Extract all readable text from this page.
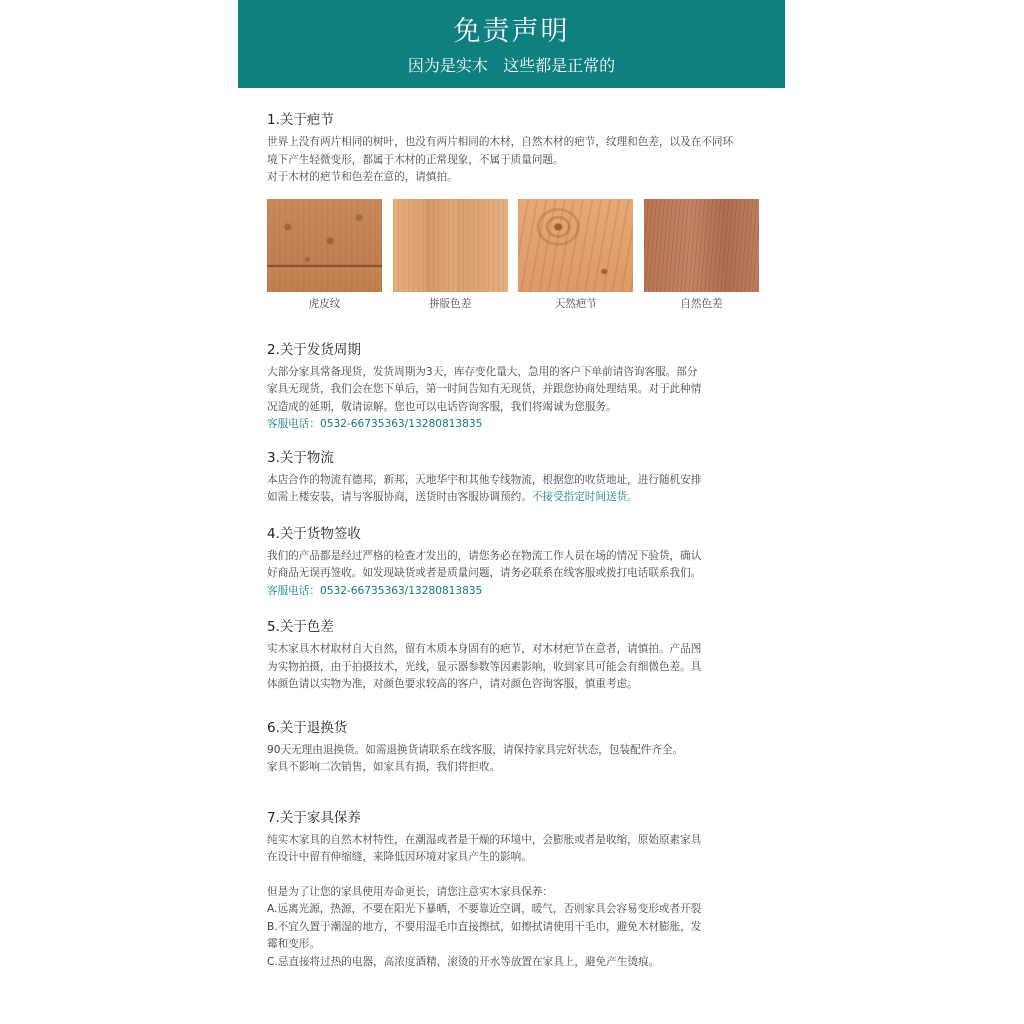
免责声明
因为是实木   这些都是正常的
1.关于疤节

世界上没有两片相同的树叶，也没有两片相同的木材，自然木材的疤节，纹理和色差，以及在不同环

境下产生轻微变形，都属于木材的正常现象，不属于质量问题。

对于木材的疤节和色差在意的，请慎拍。

虎皮纹	拼版色差	天然疤节	自然色差
2.关于发货周期

大部分家具常备现货，发货周期为3天，库存变化量大，急用的客户下单前请咨询客服。部分

家具无现货，我们会在您下单后，第一时间告知有无现货，并跟您协商处理结果。对于此种情

况造成的延期，敬请谅解。您也可以电话咨询客服，我们将竭诚为您服务。

客服电话：0532-66735363/13280813835

3.关于物流

本店合作的物流有德邦，新邦，天地华宇和其他专线物流，根据您的收货地址，进行随机安排

如需上楼安装，请与客服协商，送货时由客服协调预约。不接受指定时间送货。

4.关于货物签收

我们的产品都是经过严格的检查才发出的，请您务必在物流工作人员在场的情况下验货，确认

好商品无误再签收。如发现缺货或者是质量问题，请务必联系在线客服或拨打电话联系我们。

客服电话：0532-66735363/13280813835

5.关于色差

实木家具木材取材自大自然，留有木质本身固有的疤节，对木材疤节在意者，请慎拍。产品图

为实物拍摄，由于拍摄技术，光线，显示器参数等因素影响，收到家具可能会有细微色差。具

体颜色请以实物为准，对颜色要求较高的客户，请对颜色咨询客服，慎重考虑。

6.关于退换货

90天无理由退换货。如需退换货请联系在线客服，请保持家具完好状态，包装配件齐全。

家具不影响二次销售，如家具有损，我们将拒收。

7.关于家具保养

纯实木家具的自然木材特性，在潮湿或者是干燥的环境中，会膨胀或者是收缩，原始原素家具

在设计中留有伸缩缝，来降低因环境对家具产生的影响。

但是为了让您的家具使用寿命更长，请您注意实木家具保养：

A.远离光源，热源，不要在阳光下暴晒，不要靠近空调，暖气，否则家具会容易变形或者开裂

B.不宜久置于潮湿的地方，不要用湿毛巾直接擦拭，如擦拭请使用干毛巾，避免木材膨胀，发

霉和变形。

C.忌直接将过热的电器，高浓度酒精，滚烫的开水等放置在家具上，避免产生烫痕。
